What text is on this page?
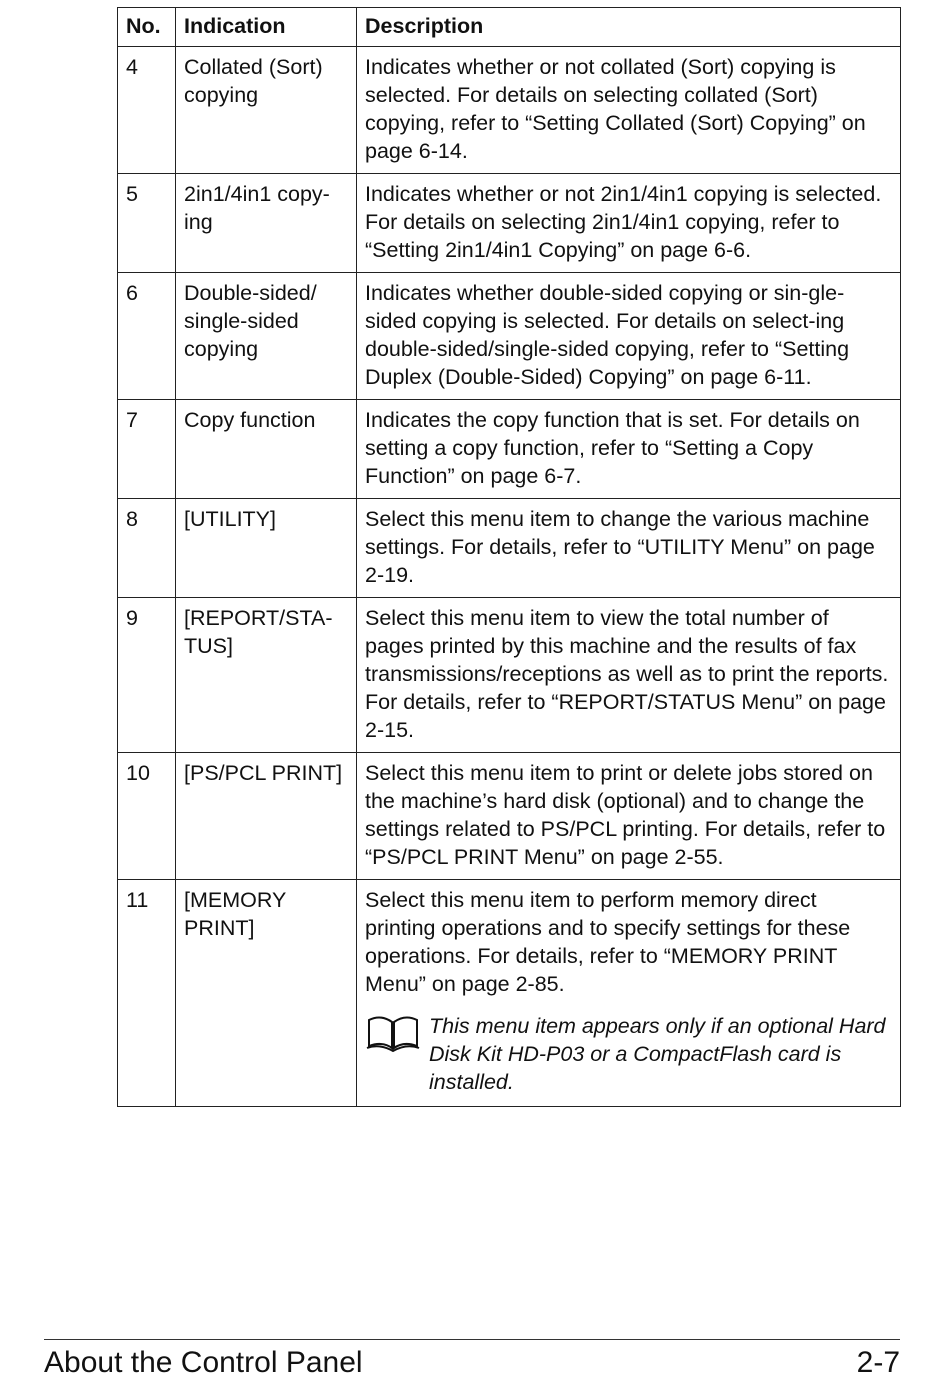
No.	Indication	Description
4	Collated (Sort) copying	Indicates whether or not collated (Sort) copying is selected. For details on selecting collated (Sort) copying, refer to “Setting Collated (Sort) Copying” on page 6-14.
5	2in1/4in1 copy-ing	Indicates whether or not 2in1/4in1 copying is selected. For details on selecting 2in1/4in1 copying, refer to “Setting 2in1/4in1 Copying” on page 6-6.
6	Double-sided/ single-sided copying	Indicates whether double-sided copying or sin-gle-sided copying is selected. For details on select-ing double-sided/single-sided copying, refer to “Setting Duplex (Double-Sided) Copying” on page 6-11.
7	Copy function	Indicates the copy function that is set. For details on setting a copy function, refer to “Setting a Copy Function” on page 6-7.
8	[UTILITY]	Select this menu item to change the various machine settings. For details, refer to “UTILITY Menu” on page 2-19.
9	[REPORT/STA-TUS]	Select this menu item to view the total number of pages printed by this machine and the results of fax transmissions/receptions as well as to print the reports. For details, refer to “REPORT/STATUS Menu” on page 2-15.
10	[PS/PCL PRINT]	Select this menu item to print or delete jobs stored on the machine’s hard disk (optional) and to change the settings related to PS/PCL printing. For details, refer to “PS/PCL PRINT Menu” on page 2-55.
11	[MEMORY PRINT]	Select this menu item to perform memory direct printing operations and to specify settings for these operations. For details, refer to “MEMORY PRINT Menu” on page 2-85.
This menu item appears only if an optional Hard Disk Kit HD-P03 or a CompactFlash card is installed.
About the Control Panel	2-7
